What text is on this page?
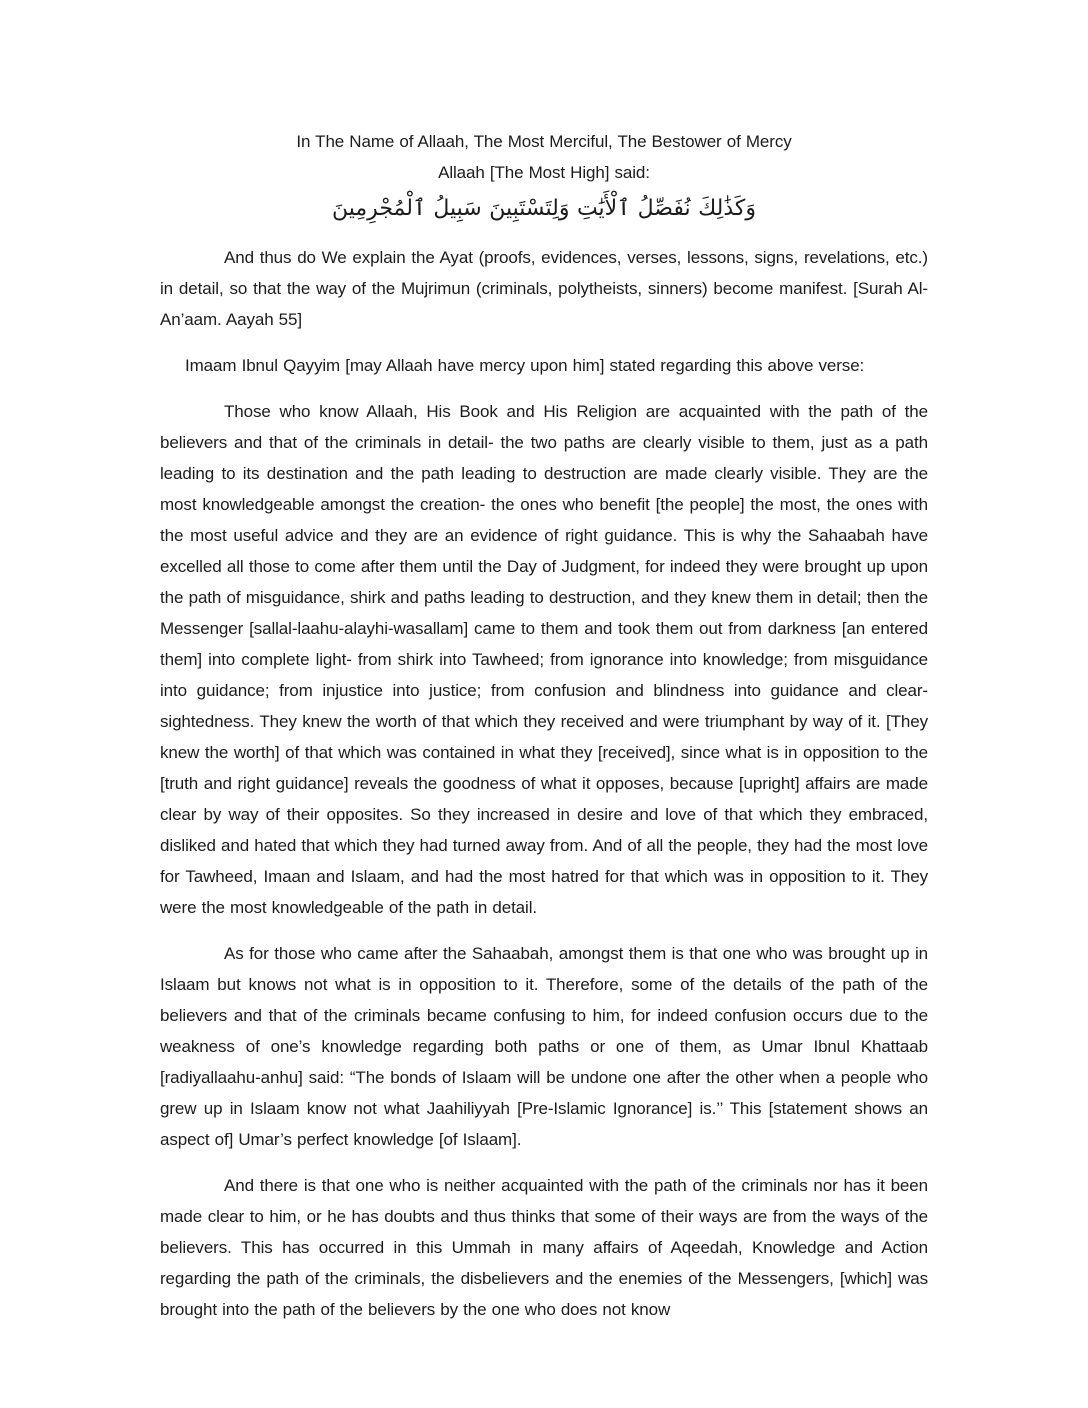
In The Name of Allaah, The Most Merciful, The Bestower of Mercy

Allaah [The Most High] said:

وَكَذَٰلِكَ نُفَصِّلُ ٱلْأَيَٰتِ وَلِتَسْتَبِينَ سَبِيلُ ٱلْمُجْرِمِينَ

And thus do We explain the Ayat (proofs, evidences, verses, lessons, signs, revelations, etc.) in detail, so that the way of the Mujrimun (criminals, polytheists, sinners) become manifest. [Surah Al-An’aam. Aayah 55]

Imaam Ibnul Qayyim [may Allaah have mercy upon him] stated regarding this above verse:

Those who know Allaah, His Book and His Religion are acquainted with the path of the believers and that of the criminals in detail- the two paths are clearly visible to them, just as a path leading to its destination and the path leading to destruction are made clearly visible. They are the most knowledgeable amongst the creation- the ones who benefit [the people] the most, the ones with the most useful advice and they are an evidence of right guidance. This is why the Sahaabah have excelled all those to come after them until the Day of Judgment, for indeed they were brought up upon the path of misguidance, shirk and paths leading to destruction, and they knew them in detail; then the Messenger [sallal-laahu-alayhi-wasallam] came to them and took them out from darkness [an entered them] into complete light- from shirk into Tawheed; from ignorance into knowledge; from misguidance into guidance; from injustice into justice; from confusion and blindness into guidance and clear-sightedness. They knew the worth of that which they received and were triumphant by way of it. [They knew the worth] of that which was contained in what they [received], since what is in opposition to the [truth and right guidance] reveals the goodness of what it opposes, because [upright] affairs are made clear by way of their opposites. So they increased in desire and love of that which they embraced, disliked and hated that which they had turned away from. And of all the people, they had the most love for Tawheed, Imaan and Islaam, and had the most hatred for that which was in opposition to it. They were the most knowledgeable of the path in detail.

As for those who came after the Sahaabah, amongst them is that one who was brought up in Islaam but knows not what is in opposition to it. Therefore, some of the details of the path of the believers and that of the criminals became confusing to him, for indeed confusion occurs due to the weakness of one’s knowledge regarding both paths or one of them, as Umar Ibnul Khattaab [radiyallaahu-anhu] said: “The bonds of Islaam will be undone one after the other when a people who grew up in Islaam know not what Jaahiliyyah [Pre-Islamic Ignorance] is.’’ This [statement shows an aspect of] Umar’s perfect knowledge [of Islaam].

And there is that one who is neither acquainted with the path of the criminals nor has it been made clear to him, or he has doubts and thus thinks that some of their ways are from the ways of the believers. This has occurred in this Ummah in many affairs of Aqeedah, Knowledge and Action regarding the path of the criminals, the disbelievers and the enemies of the Messengers, [which] was brought into the path of the believers by the one who does not know
